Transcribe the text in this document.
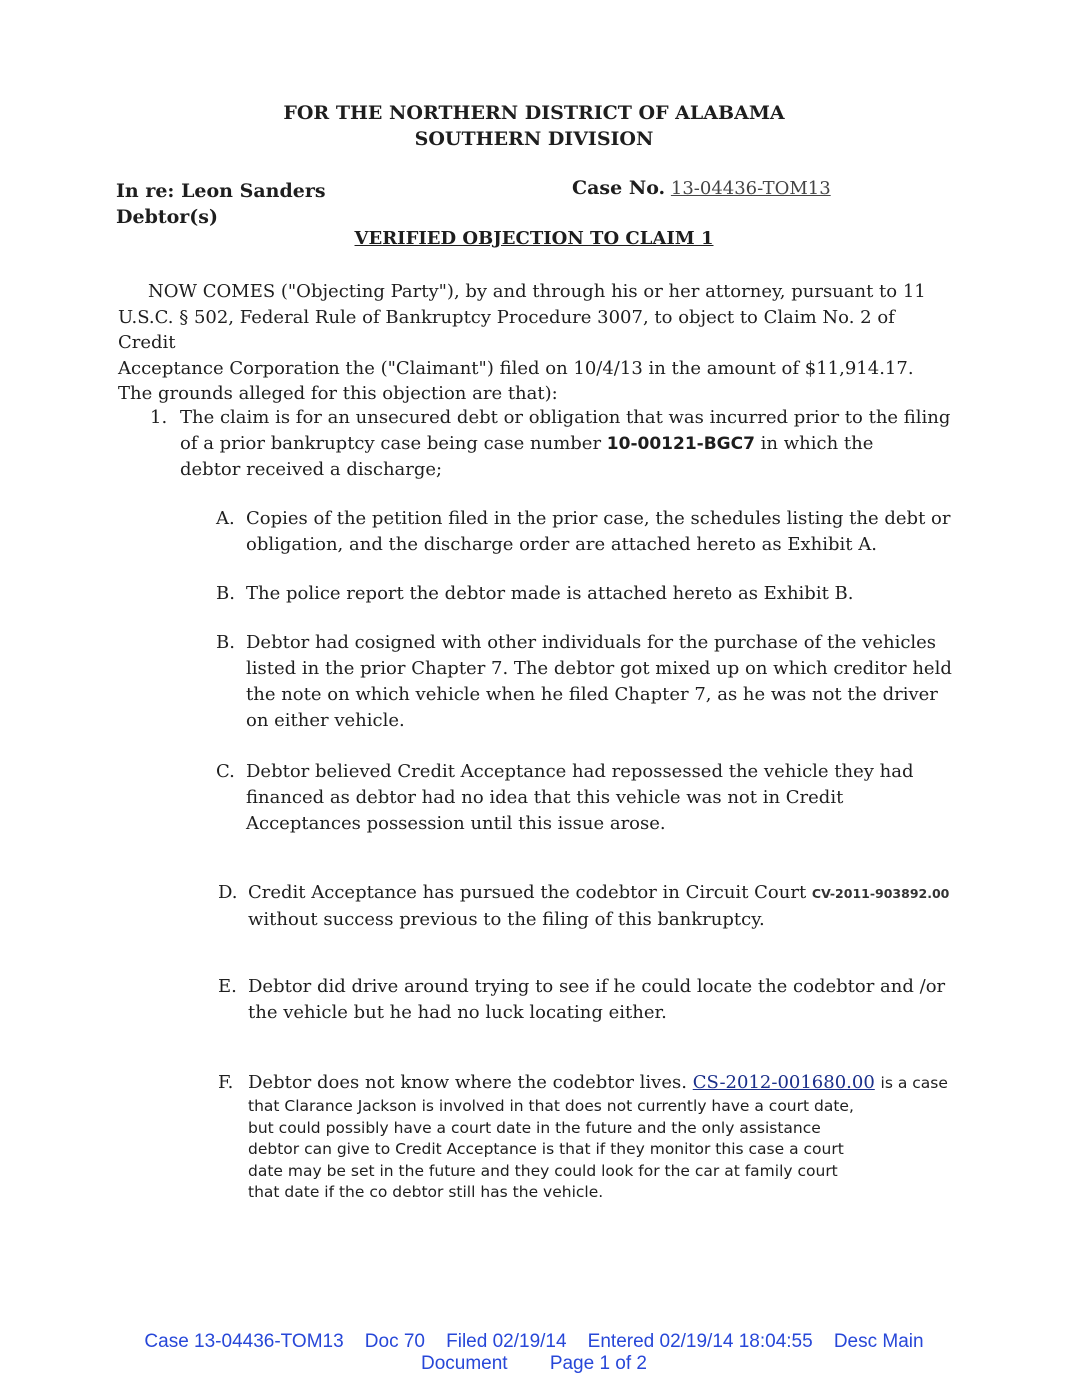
FOR THE NORTHERN DISTRICT OF ALABAMA
SOUTHERN DIVISION
In re: Leon Sanders
Debtor(s)
Case No. 13-04436-TOM13
VERIFIED OBJECTION TO CLAIM 1
NOW COMES ("Objecting Party"), by and through his or her attorney, pursuant to 11
U.S.C. § 502, Federal Rule of Bankruptcy Procedure 3007, to object to Claim No. 2 of Credit
Acceptance Corporation the ("Claimant") filed on 10/4/13 in the amount of $11,914.17.
The grounds alleged for this objection are that):
1. The claim is for an unsecured debt or obligation that was incurred prior to the filing
of a prior bankruptcy case being case number 10-00121-BGC7 in which the
debtor received a discharge;
A. Copies of the petition filed in the prior case, the schedules listing the debt or
obligation, and the discharge order are attached hereto as Exhibit A.
B. The police report the debtor made is attached hereto as Exhibit B.
B. Debtor had cosigned with other individuals for the purchase of the vehicles
listed in the prior Chapter 7. The debtor got mixed up on which creditor held
the note on which vehicle when he filed Chapter 7, as he was not the driver
on either vehicle.
C. Debtor believed Credit Acceptance had repossessed the vehicle they had
financed as debtor had no idea that this vehicle was not in Credit
Acceptances possession until this issue arose.
D. Credit Acceptance has pursued the codebtor in Circuit Court CV-2011-903892.00
without success previous to the filing of this bankruptcy.
E. Debtor did drive around trying to see if he could locate the codebtor and /or
the vehicle but he had no luck locating either.
F. Debtor does not know where the codebtor lives. CS-2012-001680.00 is a case
that Clarance Jackson is involved in that does not currently have a court date,
but could possibly have a court date in the future and the only assistance
debtor can give to Credit Acceptance is that if they monitor this case a court
date may be set in the future and they could look for the car at family court
that date if the co debtor still has the vehicle.
Case 13-04436-TOM13 Doc 70 Filed 02/19/14 Entered 02/19/14 18:04:55 Desc Main
Document Page 1 of 2
